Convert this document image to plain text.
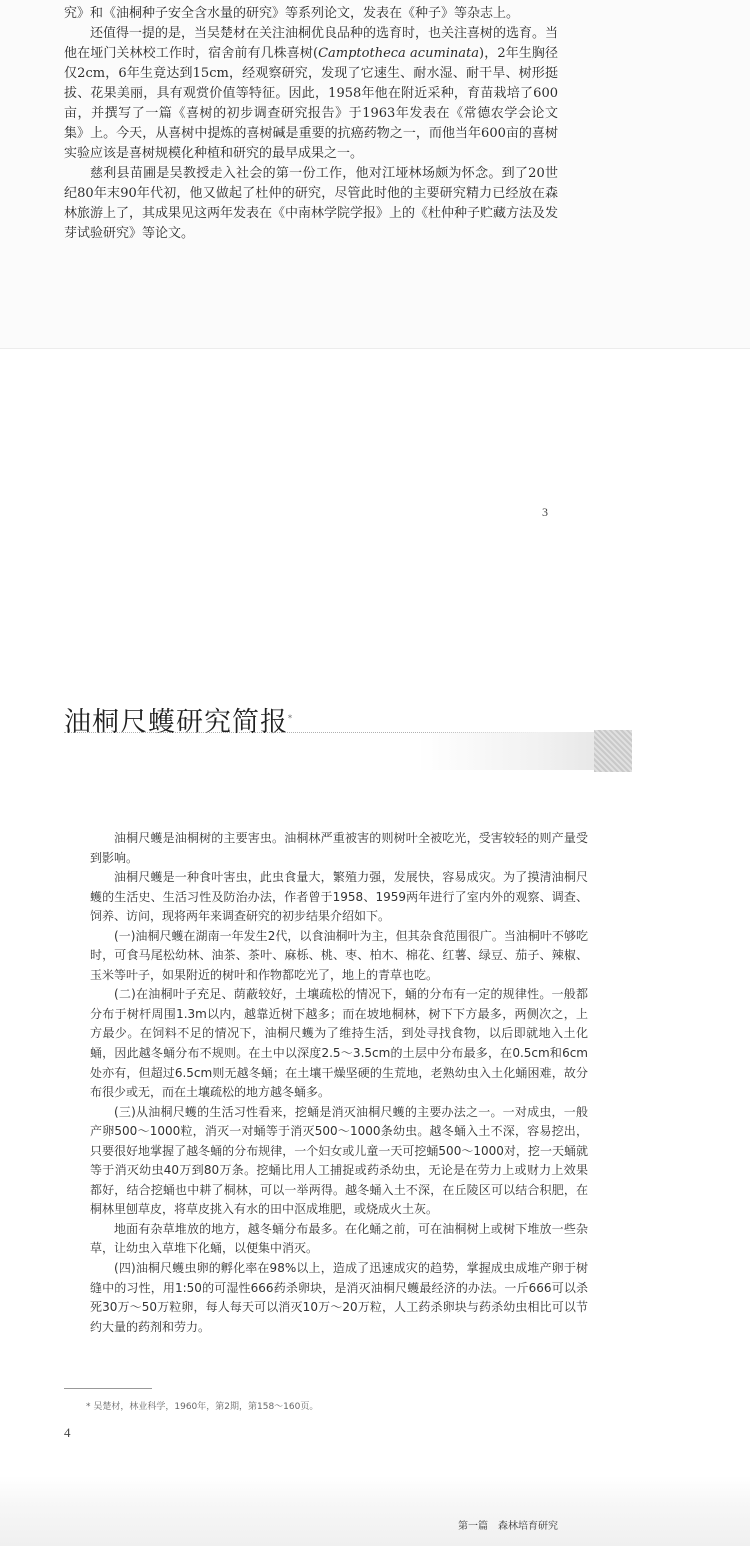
究》和《油桐种子安全含水量的研究》等系列论文，发表在《种子》等杂志上。

还值得一提的是，当吴楚材在关注油桐优良品种的选育时，也关注喜树的选育。当他在垭门关林校工作时，宿舍前有几株喜树(Camptotheca acuminata)，2年生胸径仅2cm，6年生竟达到15cm，经观察研究，发现了它速生、耐水湿、耐干旱、树形挺拔、花果美丽，具有观赏价值等特征。因此，1958年他在附近采种，育苗栽培了600亩，并撰写了一篇《喜树的初步调查研究报告》于1963年发表在《常德农学会论文集》上。今天，从喜树中提炼的喜树碱是重要的抗癌药物之一，而他当年600亩的喜树实验应该是喜树规模化种植和研究的最早成果之一。

慈利县苗圃是吴教授走入社会的第一份工作，他对江垭林场颇为怀念。到了20世纪80年末90年代初，他又做起了杜仲的研究，尽管此时他的主要研究精力已经放在森林旅游上了，其成果见这两年发表在《中南林学院学报》上的《杜仲种子贮藏方法及发芽试验研究》等论文。

3
油桐尺蠖研究简报*

油桐尺蠖是油桐树的主要害虫。油桐林严重被害的则树叶全被吃光，受害较轻的则产量受到影响。

油桐尺蠖是一种食叶害虫，此虫食量大，繁殖力强，发展快，容易成灾。为了摸清油桐尺蠖的生活史、生活习性及防治办法，作者曾于1958、1959两年进行了室内外的观察、调查、饲养、访问，现将两年来调查研究的初步结果介绍如下。

(一)油桐尺蠖在湖南一年发生2代，以食油桐叶为主，但其杂食范围很广。当油桐叶不够吃时，可食马尾松幼林、油茶、茶叶、麻栎、桃、枣、柏木、棉花、红薯、绿豆、茄子、辣椒、玉米等叶子，如果附近的树叶和作物都吃光了，地上的青草也吃。

(二)在油桐叶子充足、荫蔽较好，土壤疏松的情况下，蛹的分布有一定的规律性。一般都分布于树杆周围1.3m以内，越靠近树下越多；而在坡地桐林，树下下方最多，两侧次之，上方最少。在饲料不足的情况下，油桐尺蠖为了维持生活，到处寻找食物，以后即就地入土化蛹，因此越冬蛹分布不规则。在土中以深度2.5～3.5cm的土层中分布最多，在0.5cm和6cm处亦有，但超过6.5cm则无越冬蛹；在土壤干燥坚硬的生荒地，老熟幼虫入土化蛹困难，故分布很少或无，而在土壤疏松的地方越冬蛹多。

(三)从油桐尺蠖的生活习性看来，挖蛹是消灭油桐尺蠖的主要办法之一。一对成虫，一般产卵500～1000粒，消灭一对蛹等于消灭500～1000条幼虫。越冬蛹入土不深，容易挖出，只要很好地掌握了越冬蛹的分布规律，一个妇女或儿童一天可挖蛹500～1000对，挖一天蛹就等于消灭幼虫40万到80万条。挖蛹比用人工捕捉或药杀幼虫，无论是在劳力上或财力上效果都好，结合挖蛹也中耕了桐林，可以一举两得。越冬蛹入土不深，在丘陵区可以结合积肥，在桐林里刨草皮，将草皮挑入有水的田中沤成堆肥，或烧成火土灰。

地面有杂草堆放的地方，越冬蛹分布最多。在化蛹之前，可在油桐树上或树下堆放一些杂草，让幼虫入草堆下化蛹，以便集中消灭。

(四)油桐尺蠖虫卵的孵化率在98%以上，造成了迅速成灾的趋势，掌握成虫成堆产卵于树缝中的习性，用1:50的可湿性666药杀卵块，是消灭油桐尺蠖最经济的办法。一斤666可以杀死30万～50万粒卵，每人每天可以消灭10万～20万粒，人工药杀卵块与药杀幼虫相比可以节约大量的药剂和劳力。

* 吴楚材，林业科学，1960年，第2期，第158～160页。
4
第一篇　森林培育研究
